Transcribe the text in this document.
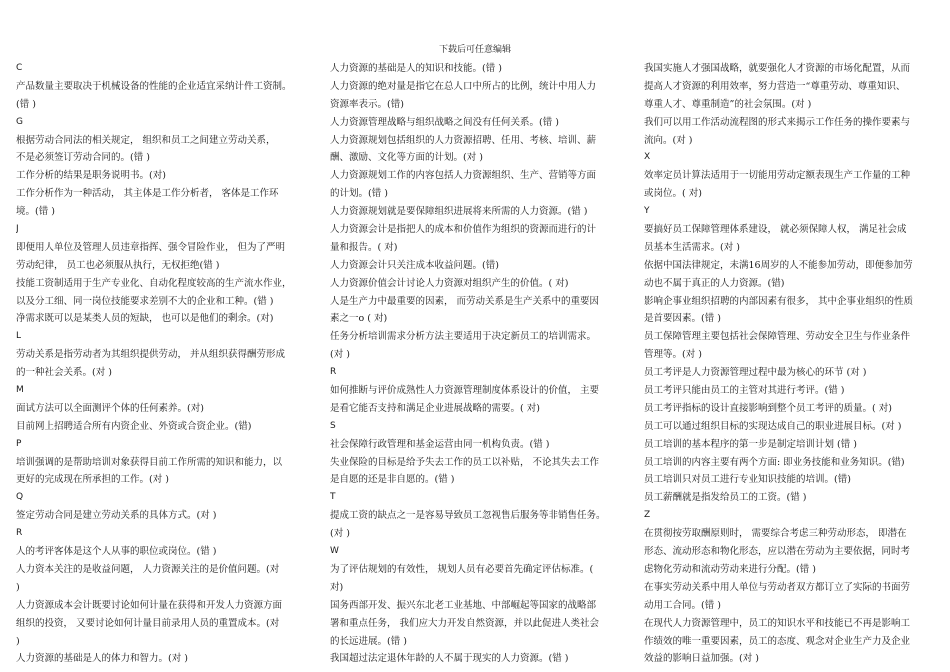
下载后可任意编辑
C
产品数量主要取决于机械设备的性能的企业适宜采纳计件工资制。
(错 )
G
根据劳动合同法的相关规定， 组织和员工之间建立劳动关系，
不是必须签订劳动合同的。(错 )
工作分析的结果是职务说明书。(对)
工作分析作为一种活动， 其主体是工作分析者， 客体是工作环
境。(错 )
J
即便用人单位及管理人员违章指挥、强令冒险作业， 但为了严明
劳动纪律， 员工也必须服从执行，无权拒绝(错 )
技能工资制适用于生产专业化、自动化程度较高的生产流水作业，
以及分工细、同一岗位技能要求差别不大的企业和工种。(错 )
净需求既可以是某类人员的短缺， 也可以是他们的剩余。(对)
L
劳动关系是指劳动者为其组织提供劳动， 并从组织获得酬劳形成
的一种社会关系。(对 )
M
面试方法可以全面测评个体的任何素养。(对)
目前网上招聘适合所有内资企业、外资或合资企业。(错)
P
培训强调的是帮助培训对象获得目前工作所需的知识和能力，以
更好的完成现在所承担的工作。(对 )
Q
签定劳动合同是建立劳动关系的具体方式。(对 )
R
人的考评客体是这个人从事的职位或岗位。(错 )
人力资本关注的是收益问题， 人力资源关注的是价值问题。(对
)
人力资源成本会计既要讨论如何计量在获得和开发人力资源方面
组织的投资， 又要讨论如何计量目前录用人员的重置成本。(对
)
人力资源的基础是人的体力和智力。(对 )
人力资源的基础是人的知识和技能。(错 )
人力资源的绝对量是指它在总人口中所占的比例，统计中用人力
资源率表示。(错)
人力资源管理战略与组织战略之间没有任何关系。(错 )
人力资源规划包括组织的人力资源招聘、任用、考核、培训、薪
酬、激励、文化等方面的计划。(对 )
人力资源规划工作的内容包括人力资源组织、生产、营销等方面
的计划。(错 )
人力资源规划就是要保障组织进展将来所需的人力资源。(错 )
人力资源会计是指把人的成本和价值作为组织的资源而进行的计
量和报告。( 对)
人力资源会计只关注成本收益问题。(错)
人力资源价值会计讨论人力资源对组织产生的价值。( 对)
人是生产力中最重要的因素， 而劳动关系是生产关系中的重要因
素之一o ( 对)
任务分析培训需求分析方法主要适用于决定新员工的培训需求。
(对 )
R
如何推断与评价成熟性人力资源管理制度体系设计的价值， 主要
是看它能否支持和满足企业进展战略的需要。( 对)
S
社会保障行政管理和基金运营由同一机构负责。(错 )
失业保险的目标是给予失去工作的员工以补贴， 不论其失去工作
是自愿的还是非自愿的。(错 )
T
提成工资的缺点之一是容易导致员工忽视售后服务等非销售任务。
(对 )
W
为了评估规划的有效性， 规划人员有必要首先确定评估标准。(
对)
国务西部开发、振兴东北老工业基地、中部崛起等国家的战略部
署和重点任务， 我们应大力开发自然资源，并以此促进人类社会
的长远进展。(错 )
我国超过法定退休年龄的人不属于现实的人力资源。(错 )
我国实施人才强国战略，就要强化人才资源的市场化配置，从而
提高人才资源的利用效率，努力营造一“尊重劳动、尊重知识、
尊重人才、尊重制造”的社会氛围。(对 )
我们可以用工作活动流程图的形式来揭示工作任务的操作要素与
流向。(对 )
X
效率定员计算法适用于一切能用劳动定额表现生产工作量的工种
或岗位。( 对)
Y
要搞好员工保障管理体系建设， 就必须保障人权， 满足社会成
员基本生活需求。(对 )
依据中国法律规定，未满16周岁的人不能参加劳动，即便参加劳
动也不属于真正的人力资源。(错)
影响企事业组织招聘的内部因素有很多， 其中企事业组织的性质
是首要因素。(错 )
员工保障管理主要包括社会保障管理、劳动安全卫生与作业条件
管理等。(对 )
员工考评是人力资源管理过程中最为核心的环节 (对 )
员工考评只能由员工的主管对其进行考评。(错 )
员工考评指标的设计直接影响到整个员工考评的质量。( 对)
员工可以通过组织目标的实现达成自己的职业进展目标。(对 )
员工培训的基本程序的第一步是制定培训计划 (错 )
员工培训的内容主要有两个方面: 即业务技能和业务知识。(错)
员工培训只对员工进行专业知识技能的培训。(错)
员工薪酬就是指发给员工的工资。(错 )
Z
在贯彻按劳取酬原则时， 需要综合考虑三种劳动形态， 即潜在
形态、流动形态和物化形态，应以潜在劳动为主要依据，同时考
虑物化劳动和流动劳动来进行分配。(错 )
在事实劳动关系中用人单位与劳动者双方都订立了实际的书面劳
动用工合同。(错 )
在现代人力资源管理中，员工的知识水平和技能已不再是影响工
作绩效的唯一重要因素，员工的态度、观念对企业生产力及企业
效益的影响日益加强。(对 )
